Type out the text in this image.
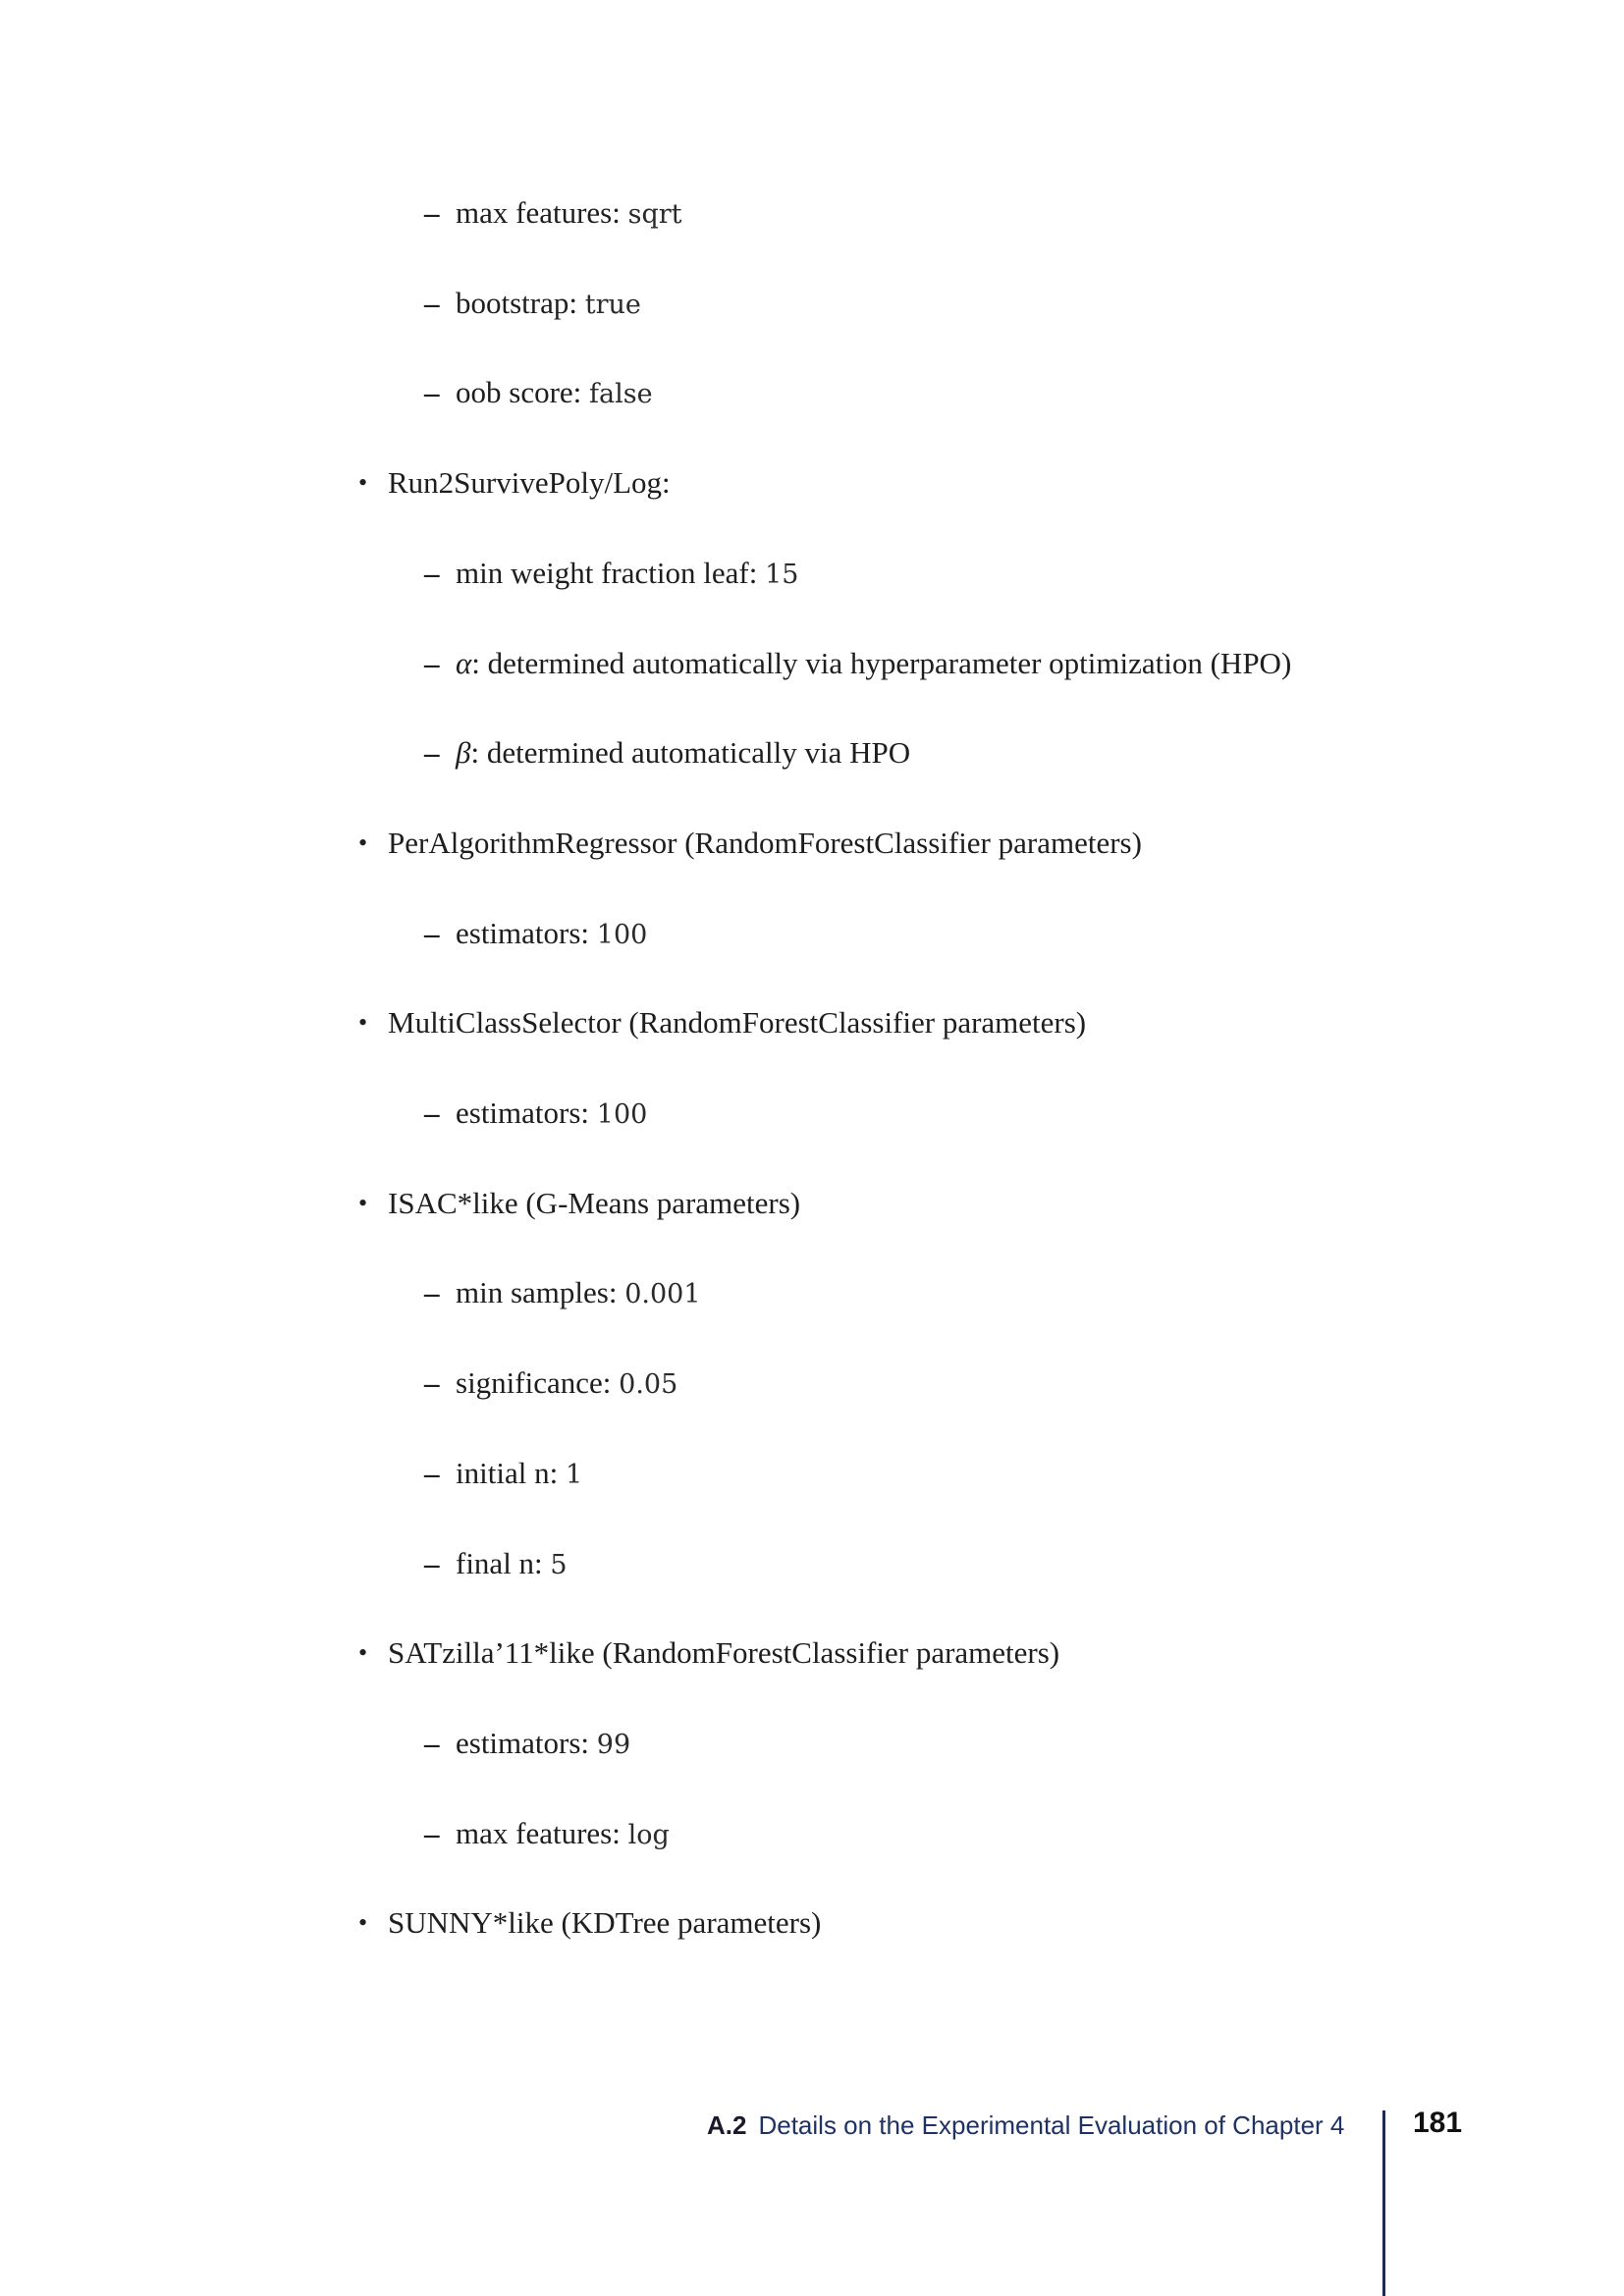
– max features: sqrt
– bootstrap: true
– oob score: false
• Run2SurvivePoly/Log:
– min weight fraction leaf: 15
– α: determined automatically via hyperparameter optimization (HPO)
– β: determined automatically via HPO
• PerAlgorithmRegressor (RandomForestClassifier parameters)
– estimators: 100
• MultiClassSelector (RandomForestClassifier parameters)
– estimators: 100
• ISAC*like (G-Means parameters)
– min samples: 0.001
– significance: 0.05
– initial n: 1
– final n: 5
• SATzilla’11*like (RandomForestClassifier parameters)
– estimators: 99
– max features: log
• SUNNY*like (KDTree parameters)
A.2 Details on the Experimental Evaluation of Chapter 4 181
